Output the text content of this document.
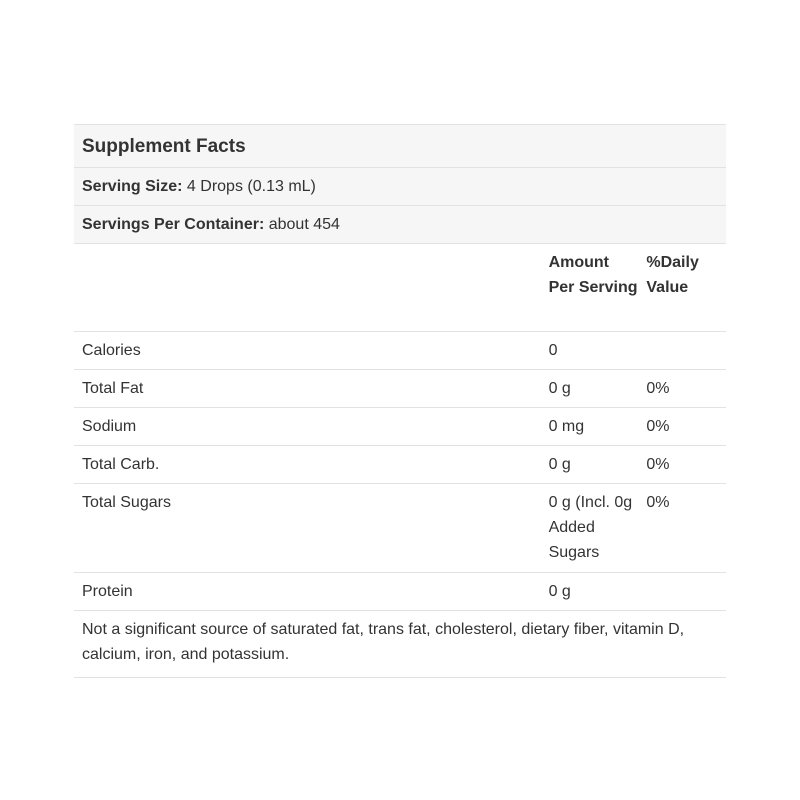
Supplement Facts		
Serving Size: 4 Drops (0.13 mL)		
Servings Per Container: about 454		
	Amount Per Serving	%Daily Value
Calories	0	
Total Fat	0 g	0%
Sodium	0 mg	0%
Total Carb.	0 g	0%
Total Sugars	0 g (Incl. 0g Added Sugars	0%
Protein	0 g	
Not a significant source of saturated fat, trans fat, cholesterol, dietary fiber, vitamin D, calcium, iron, and potassium.		
